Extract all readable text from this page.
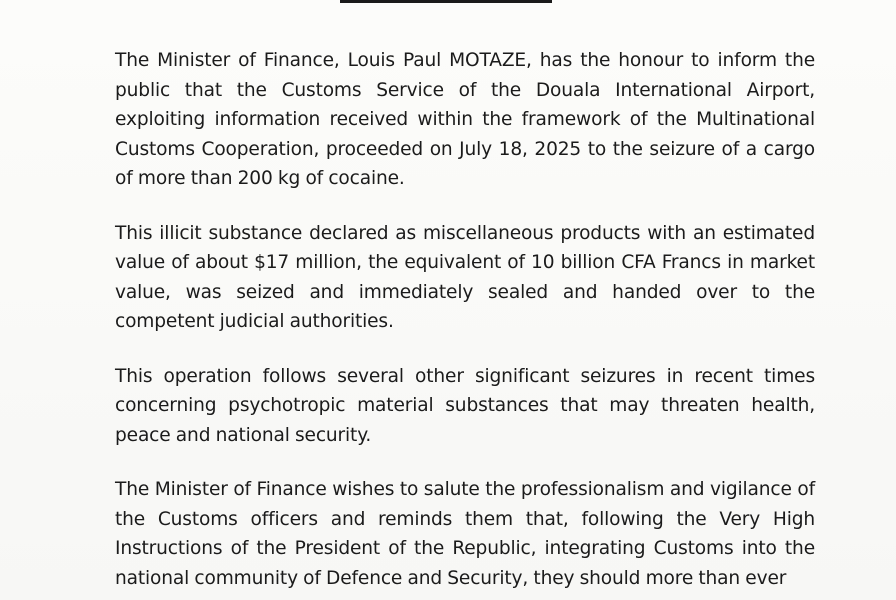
The Minister of Finance, Louis Paul MOTAZE, has the honour to inform the public that the Customs Service of the Douala International Airport, exploiting information received within the framework of the Multinational Customs Cooperation, proceeded on July 18, 2025 to the seizure of a cargo of more than 200 kg of cocaine.

This illicit substance declared as miscellaneous products with an estimated value of about $17 million, the equivalent of 10 billion CFA Francs in market value, was seized and immediately sealed and handed over to the competent judicial authorities.

This operation follows several other significant seizures in recent times concerning psychotropic material substances that may threaten health, peace and national security.

The Minister of Finance wishes to salute the professionalism and vigilance of the Customs officers and reminds them that, following the Very High Instructions of the President of the Republic, integrating Customs into the national community of Defence and Security, they should more than ever
